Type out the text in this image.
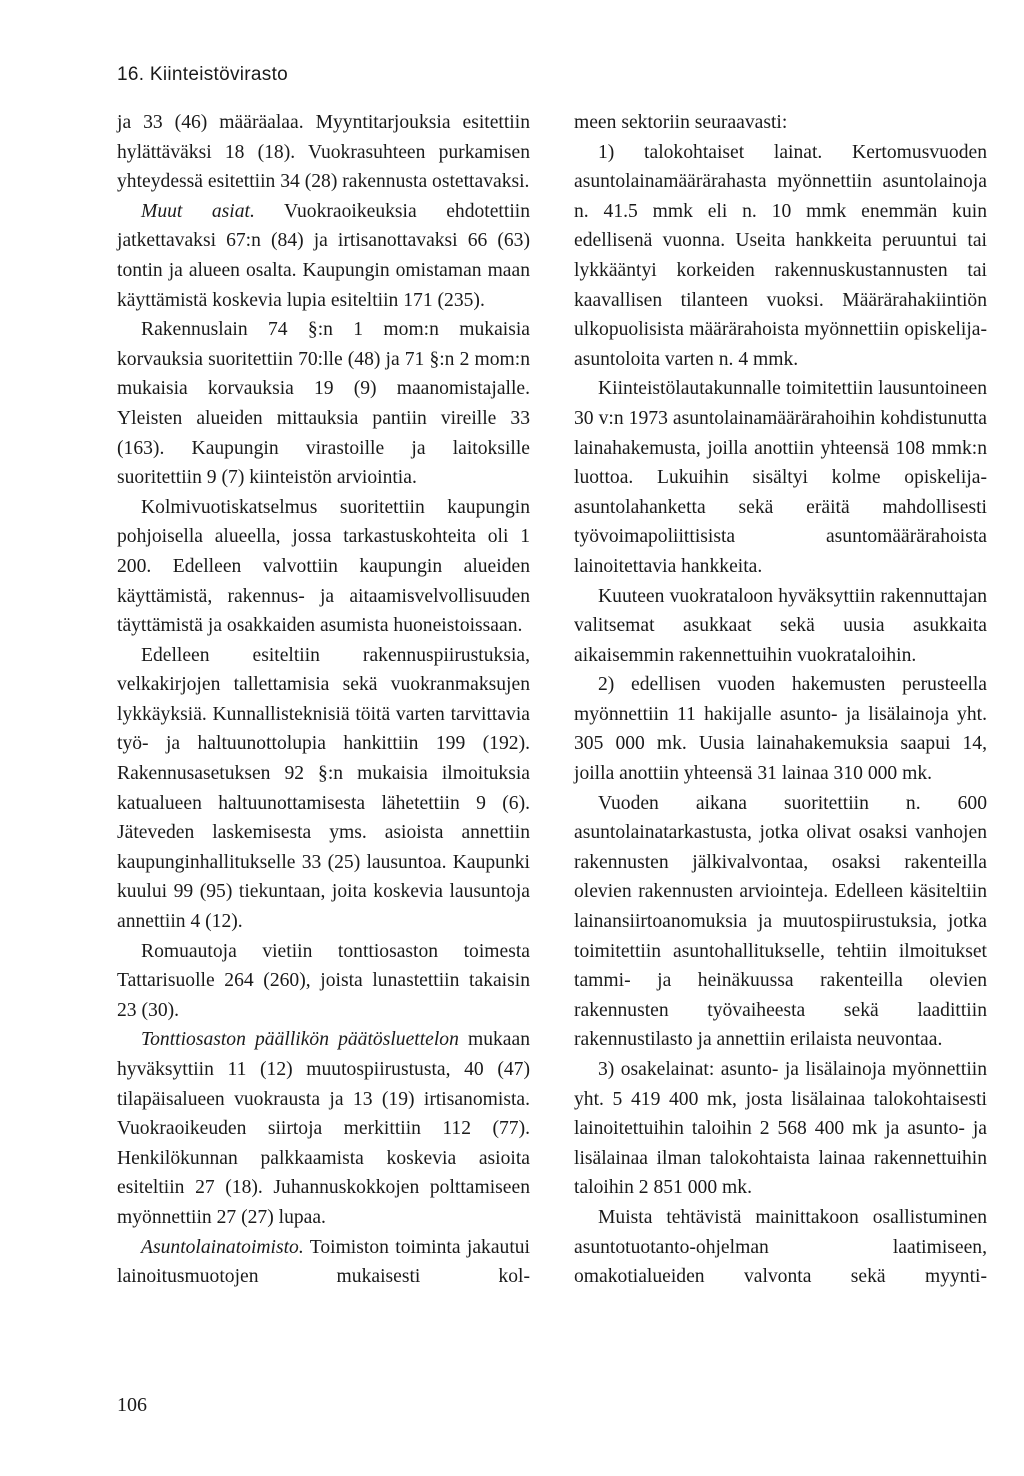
16. Kiinteistövirasto

ja 33 (46) määräalaa. Myyntitarjouksia esitettiin hylättäväksi 18 (18). Vuokrasuhteen purkamisen yhteydessä esitettiin 34 (28) rakennusta ostettavaksi.

Muut asiat. Vuokraoikeuksia ehdotettiin jatkettavaksi 67:n (84) ja irtisanottavaksi 66 (63) tontin ja alueen osalta. Kaupungin omistaman maan käyttämistä koskevia lupia esiteltiin 171 (235).

Rakennuslain 74 §:n 1 mom:n mukaisia korvauksia suoritettiin 70:lle (48) ja 71 §:n 2 mom:n mukaisia korvauksia 19 (9) maanomistajalle. Yleisten alueiden mittauksia pantiin vireille 33 (163). Kaupungin virastoille ja laitoksille suoritettiin 9 (7) kiinteistön arviointia.

Kolmivuotiskatselmus suoritettiin kaupungin pohjoisella alueella, jossa tarkastuskohteita oli 1 200. Edelleen valvottiin kaupungin alueiden käyttämistä, rakennus- ja aitaamisvelvollisuuden täyttämistä ja osakkaiden asumista huoneistoissaan.

Edelleen esiteltiin rakennuspiirustuksia, velkakirjojen tallettamisia sekä vuokranmaksujen lykkäyksiä. Kunnallisteknisiä töitä varten tarvittavia työ- ja haltuunottolupia hankittiin 199 (192). Rakennusasetuksen 92 §:n mukaisia ilmoituksia katualueen haltuunottamisesta lähetettiin 9 (6). Jäteveden laskemisesta yms. asioista annettiin kaupunginhallitukselle 33 (25) lausuntoa. Kaupunki kuului 99 (95) tiekuntaan, joita koskevia lausuntoja annettiin 4 (12).

Romuautoja vietiin tonttiosaston toimesta Tattarisuolle 264 (260), joista lunastettiin takaisin 23 (30).

Tonttiosaston päällikön päätösluettelon mukaan hyväksyttiin 11 (12) muutospiirustusta, 40 (47) tilapäisalueen vuokrausta ja 13 (19) irtisanomista. Vuokraoikeuden siirtoja merkittiin 112 (77). Henkilökunnan palkkaamista koskevia asioita esiteltiin 27 (18). Juhannuskokkojen polttamiseen myönnettiin 27 (27) lupaa.

Asuntolainatoimisto. Toimiston toiminta jakautui lainoitusmuotojen mukaisesti kol-

meen sektoriin seuraavasti:

1) talokohtaiset lainat. Kertomusvuoden asuntolainamäärärahasta myönnettiin asuntolainoja n. 41.5 mmk eli n. 10 mmk enemmän kuin edellisenä vuonna. Useita hankkeita peruuntui tai lykkääntyi korkeiden rakennuskustannusten tai kaavallisen tilanteen vuoksi. Määrärahakiintiön ulkopuolisista määrärahoista myönnettiin opiskelija-asuntoloita varten n. 4 mmk.

Kiinteistölautakunnalle toimitettiin lausuntoineen 30 v:n 1973 asuntolainamäärärahoihin kohdistunutta lainahakemusta, joilla anottiin yhteensä 108 mmk:n luottoa. Lukuihin sisältyi kolme opiskelija-asuntolahanketta sekä eräitä mahdollisesti työvoimapoliittisista asuntomäärärahoista lainoitettavia hankkeita.

Kuuteen vuokrataloon hyväksyttiin rakennuttajan valitsemat asukkaat sekä uusia asukkaita aikaisemmin rakennettuihin vuokrataloihin.

2) edellisen vuoden hakemusten perusteella myönnettiin 11 hakijalle asunto- ja lisälainoja yht. 305 000 mk. Uusia lainahakemuksia saapui 14, joilla anottiin yhteensä 31 lainaa 310 000 mk.

Vuoden aikana suoritettiin n. 600 asuntolainatarkastusta, jotka olivat osaksi vanhojen rakennusten jälkivalvontaa, osaksi rakenteilla olevien rakennusten arviointeja. Edelleen käsiteltiin lainansiirtoanomuksia ja muutospiirustuksia, jotka toimitettiin asuntohallitukselle, tehtiin ilmoitukset tammi- ja heinäkuussa rakenteilla olevien rakennusten työvaiheesta sekä laadittiin rakennustilasto ja annettiin erilaista neuvontaa.

3) osakelainat: asunto- ja lisälainoja myönnettiin yht. 5 419 400 mk, josta lisälainaa talokohtaisesti lainoitettuihin taloihin 2 568 400 mk ja asunto- ja lisälainaa ilman talokohtaista lainaa rakennettuihin taloihin 2 851 000 mk.

Muista tehtävistä mainittakoon osallistuminen asuntotuotanto-ohjelman laatimiseen, omakotialueiden valvonta sekä myynti-

106
